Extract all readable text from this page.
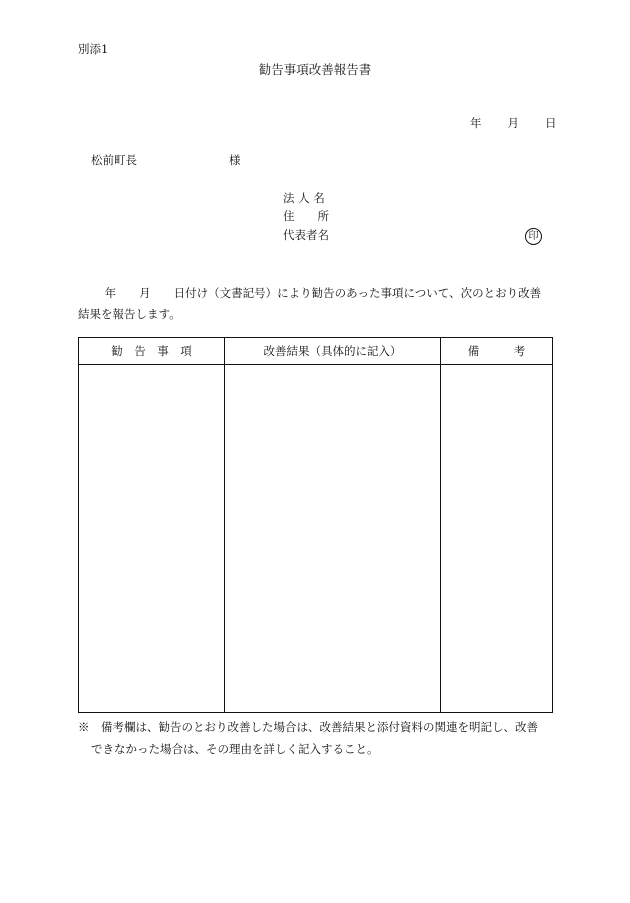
別添1
勧告事項改善報告書
年 月 日
松前町長	様
法 人 名
住　　所
代表者名	印
　　 年　　月　　日付け（文書記号）により勧告のあった事項について、次のとおり改善
結果を報告します。
勧　告　事　項	改善結果（具体的に記入）	備　　　考

※　備考欄は、勧告のとおり改善した場合は、改善結果と添付資料の関連を明記し、改善
できなかった場合は、その理由を詳しく記入すること。
